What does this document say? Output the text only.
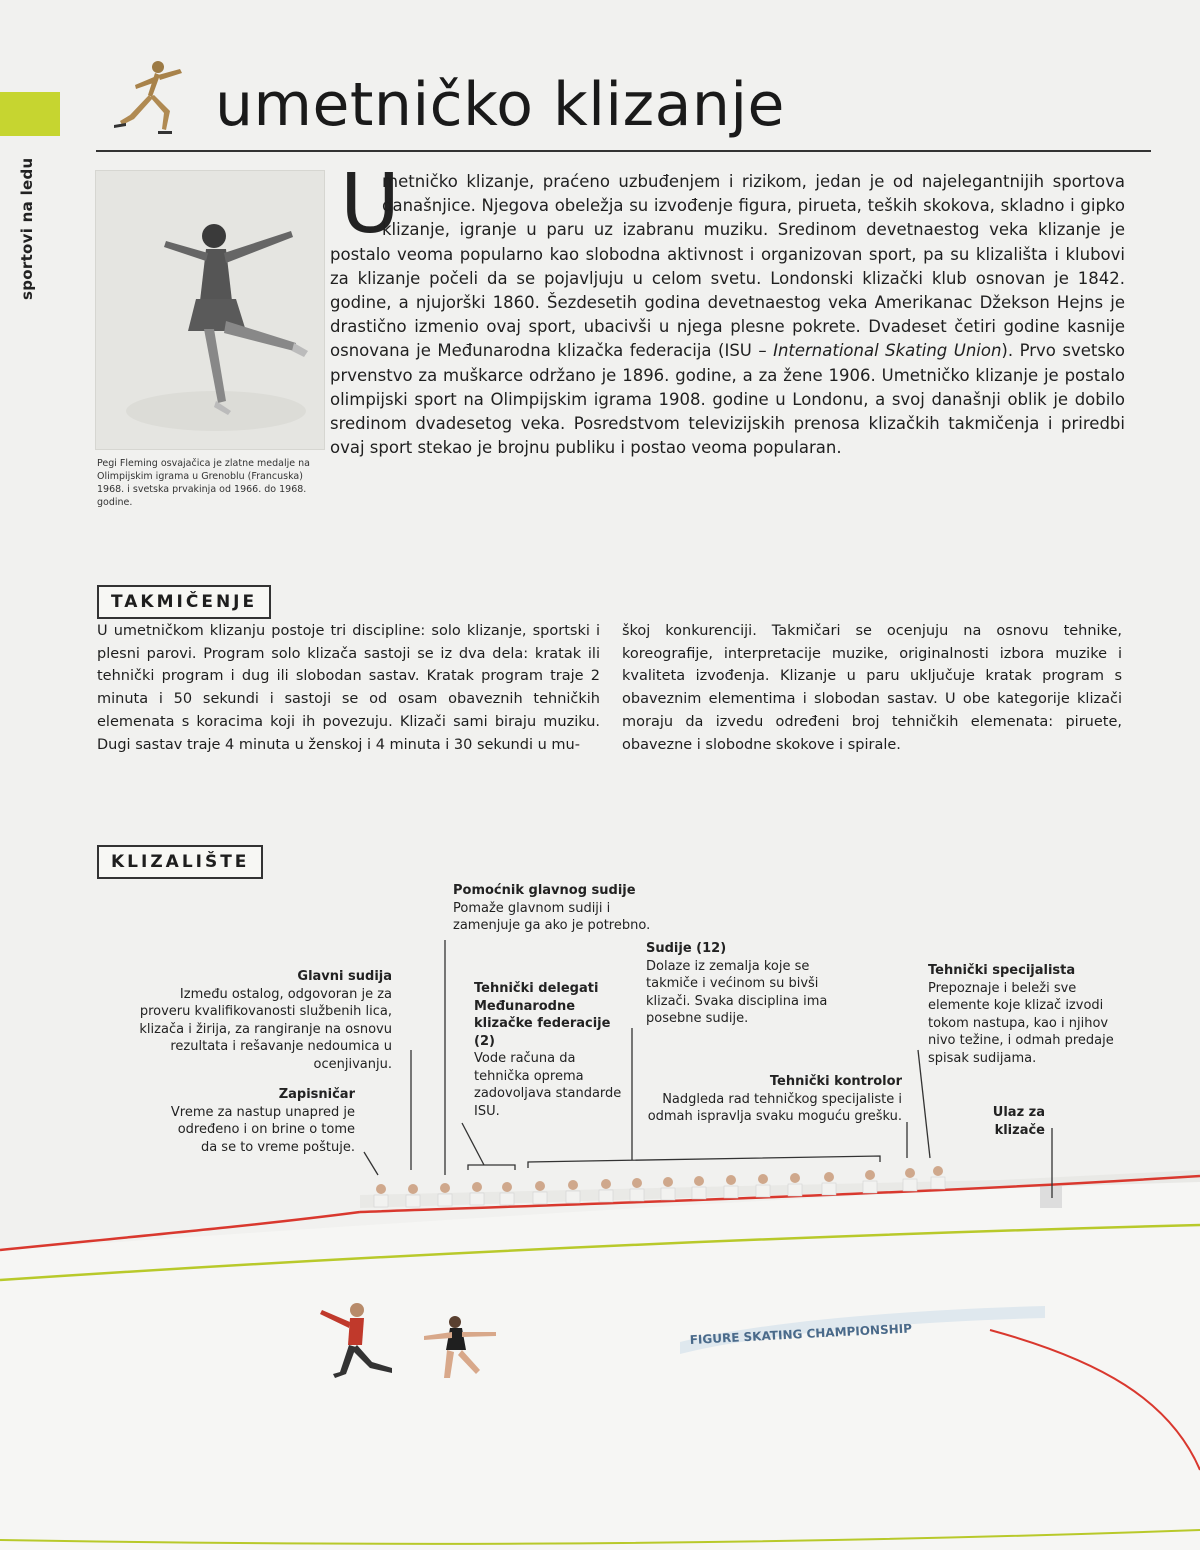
sportovi na ledu
umetničko klizanje
Pegi Fleming osvajačica je zlatne medalje na Olimpijskim igrama u Grenoblu (Francuska) 1968. i svetska prvakinja od 1966. do 1968. godine.
U
metničko klizanje, praćeno uzbuđenjem i rizikom, jedan je od najelegantnijih sportova današnjice. Njegova obeležja su izvođenje figura, pirueta, teških skokova, skladno i gipko klizanje, igranje u paru uz izabranu muziku. Sredinom devetnaestog veka klizanje je postalo veoma popularno kao slobodna aktivnost i organizovan sport, pa su klizališta i klubovi za klizanje počeli da se pojavljuju u celom svetu. Londonski klizački klub osnovan je 1842. godine, a njujorški 1860. Šezdesetih godina devetnaestog veka Amerikanac Džekson Hejns je drastično izmenio ovaj sport, ubacivši u njega plesne pokrete. Dvadeset četiri godine kasnije osnovana je Međunarodna klizačka federacija (ISU – International Skating Union). Prvo svetsko prvenstvo za muškarce održano je 1896. godine, a za žene 1906. Umetničko klizanje je postalo olimpijski sport na Olimpijskim igrama 1908. godine u Londonu, a svoj današnji oblik je dobilo sredinom dvadesetog veka. Posredstvom televizijskih prenosa klizačkih takmičenja i priredbi ovaj sport stekao je brojnu publiku i postao veoma popularan.
TAKMIČENJE
U umetničkom klizanju postoje tri discipline: solo klizanje, sportski i plesni parovi. Program solo klizača sastoji se iz dva dela: kratak ili tehnički program i dug ili slobodan sastav. Kratak program traje 2 minuta i 50 sekundi i sastoji se od osam obaveznih tehničkih elemenata s koracima koji ih povezuju. Klizači sami biraju muziku. Dugi sastav traje 4 minuta u ženskoj i 4 minuta i 30 sekundi u mu-
škoj konkurenciji. Takmičari se ocenjuju na osnovu tehnike, koreografije, interpretacije muzike, originalnosti izbora muzike i kvaliteta izvođenja. Klizanje u paru uključuje kratak program s obaveznim elementima i slobodan sastav. U obe kategorije klizači moraju da izvedu određeni broj tehničkih elemenata: piruete, obavezne i slobodne skokove i spirale.
KLIZALIŠTE
FIGURE SKATING CHAMPIONSHIP
Pomoćnik glavnog sudije
Pomaže glavnom sudiji i zamenjuje ga ako je potrebno.
Sudije (12)
Dolaze iz zemalja koje se takmiče i većinom su bivši klizači. Svaka disciplina ima posebne sudije.
Tehnički specijalista
Prepoznaje i beleži sve elemente koje klizač izvodi tokom nastupa, kao i njihov nivo težine, i odmah predaje spisak sudijama.
Glavni sudija
Između ostalog, odgovoran je za proveru kvalifikovanosti službenih lica, klizača i žirija, za rangiranje na osnovu rezultata i rešavanje nedoumica u ocenjivanju.
Tehnički delegati Međunarodne klizačke federacije (2)
Vode računa da tehnička oprema zadovoljava standarde ISU.
Tehnički kontrolor
Nadgleda rad tehničkog specijaliste i odmah ispravlja svaku moguću grešku.
Zapisničar
Vreme za nastup unapred je određeno i on brine o tome da se to vreme poštuje.
Ulaz za klizače
